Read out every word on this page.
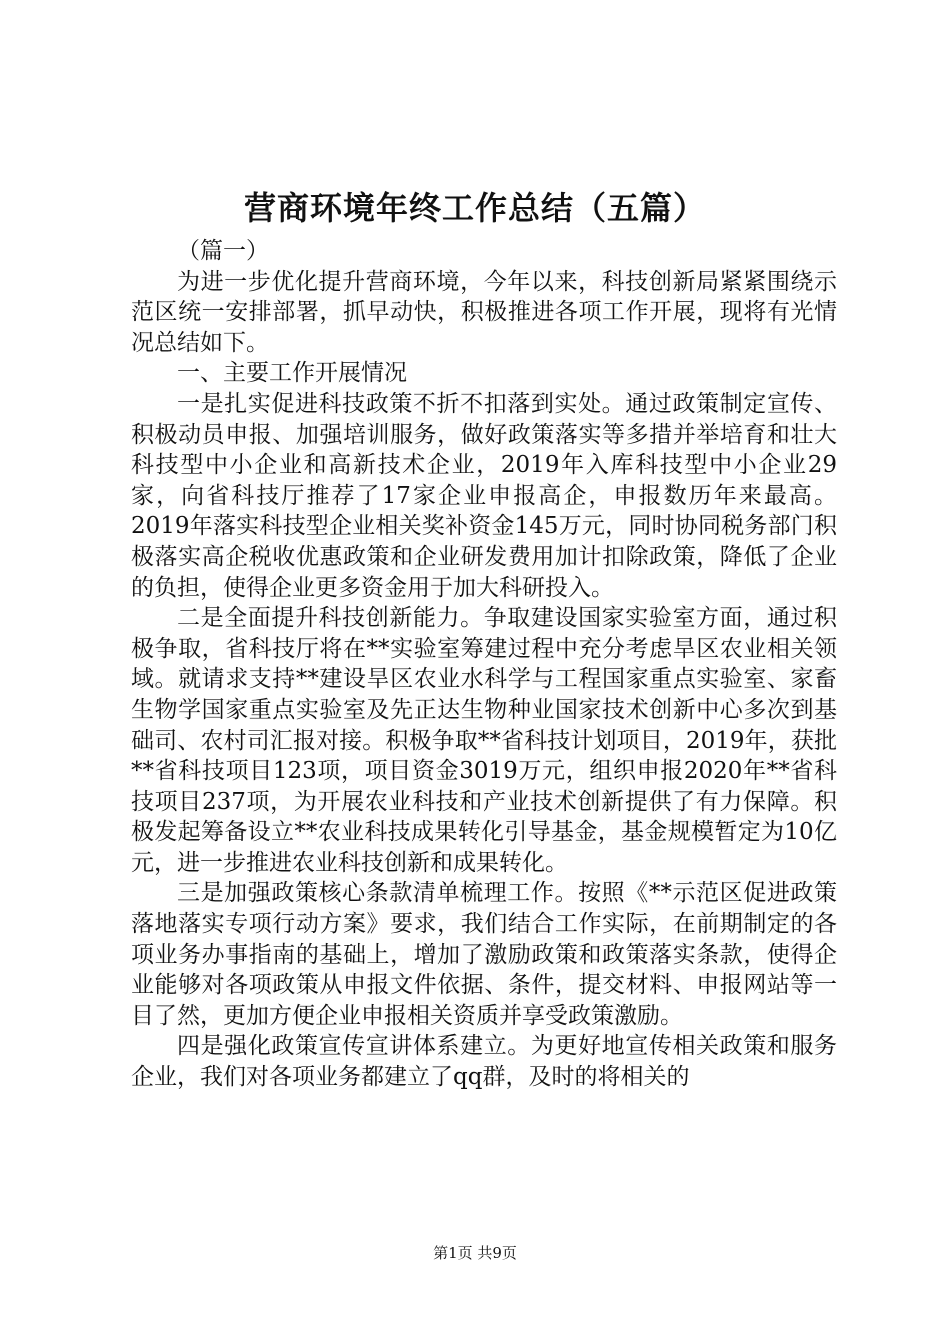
营商环境年终工作总结（五篇）

（篇一）

为进一步优化提升营商环境，今年以来，科技创新局紧紧围绕示范区统一安排部署，抓早动快，积极推进各项工作开展，现将有光情况总结如下。

一、主要工作开展情况

一是扎实促进科技政策不折不扣落到实处。通过政策制定宣传、积极动员申报、加强培训服务，做好政策落实等多措并举培育和壮大科技型中小企业和高新技术企业，2019年入库科技型中小企业29家，向省科技厅推荐了17家企业申报高企，申报数历年来最高。2019年落实科技型企业相关奖补资金145万元，同时协同税务部门积极落实高企税收优惠政策和企业研发费用加计扣除政策，降低了企业的负担，使得企业更多资金用于加大科研投入。

二是全面提升科技创新能力。争取建设国家实验室方面，通过积极争取，省科技厅将在**实验室筹建过程中充分考虑旱区农业相关领域。就请求支持**建设旱区农业水科学与工程国家重点实验室、家畜生物学国家重点实验室及先正达生物种业国家技术创新中心多次到基础司、农村司汇报对接。积极争取**省科技计划项目，2019年，获批**省科技项目123项，项目资金3019万元，组织申报2020年**省科技项目237项，为开展农业科技和产业技术创新提供了有力保障。积极发起筹备设立**农业科技成果转化引导基金，基金规模暂定为10亿元，进一步推进农业科技创新和成果转化。

三是加强政策核心条款清单梳理工作。按照《**示范区促进政策落地落实专项行动方案》要求，我们结合工作实际，在前期制定的各项业务办事指南的基础上，增加了激励政策和政策落实条款，使得企业能够对各项政策从申报文件依据、条件，提交材料、申报网站等一目了然，更加方便企业申报相关资质并享受政策激励。

四是强化政策宣传宣讲体系建立。为更好地宣传相关政策和服务企业，我们对各项业务都建立了qq群，及时的将相关的

第1页 共9页
